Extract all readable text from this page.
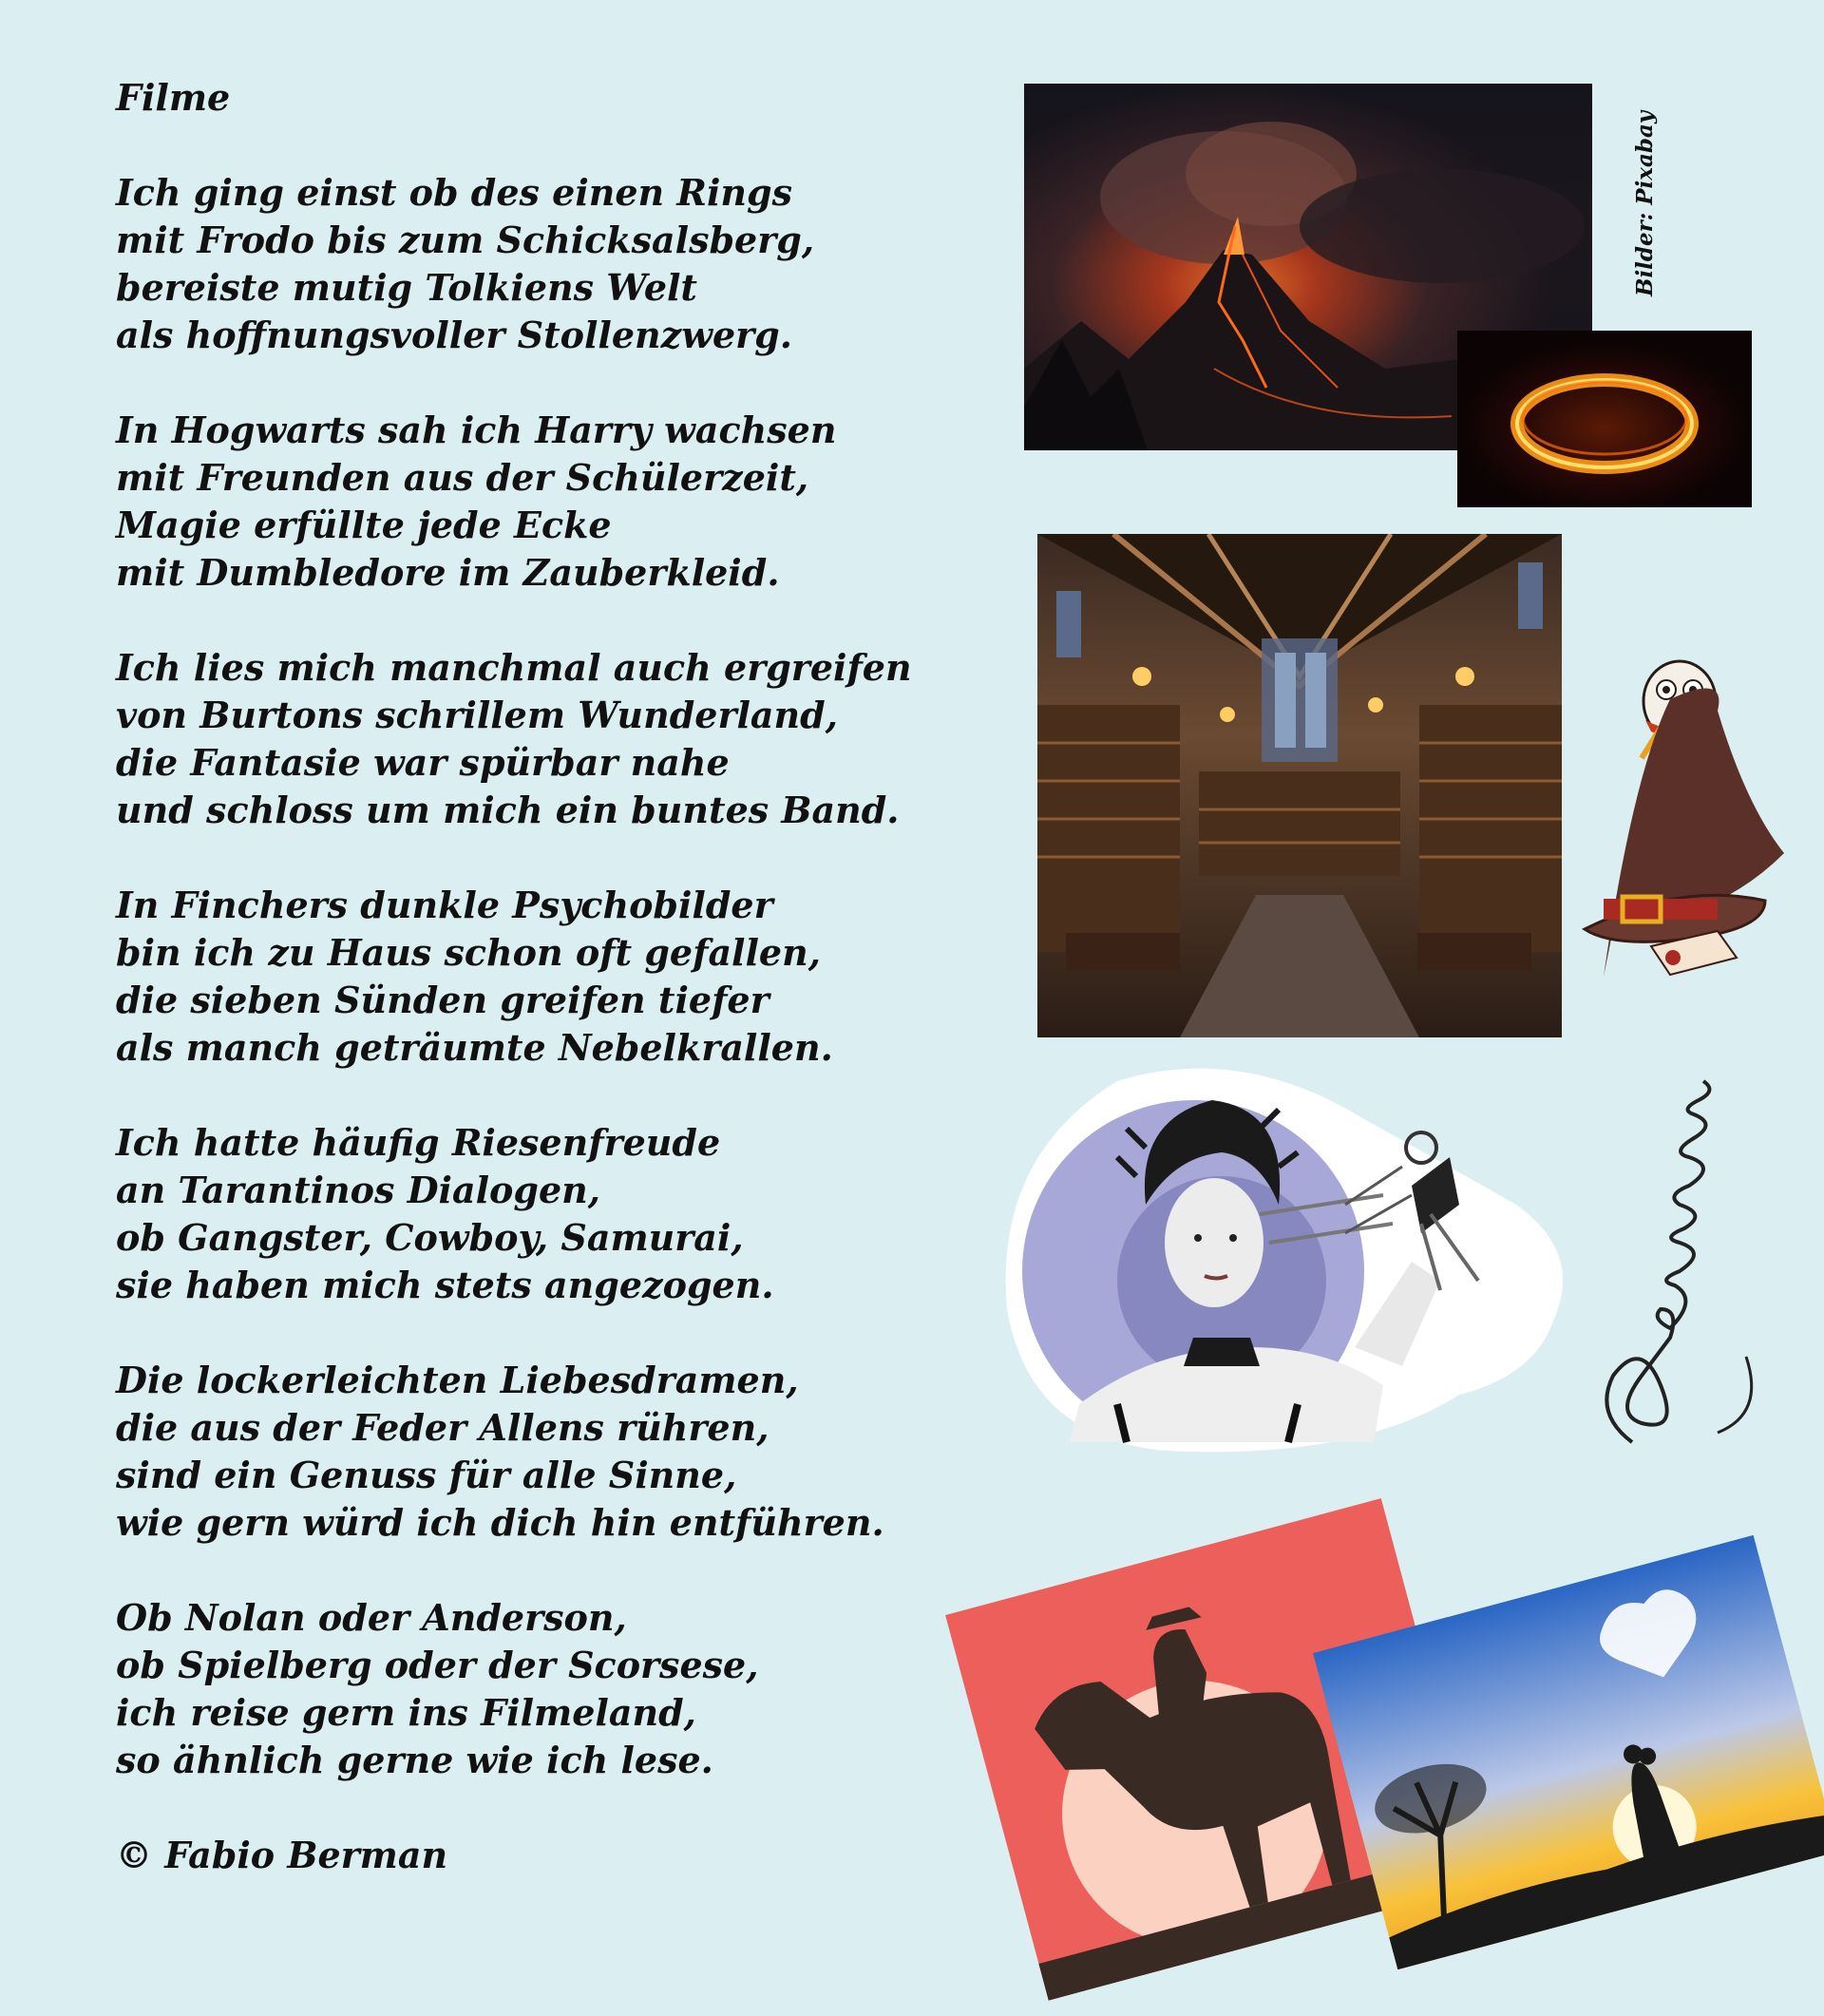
Filme
Ich ging einst ob des einen Rings
mit Frodo bis zum Schicksalsberg,
bereiste mutig Tolkiens Welt
als hoffnungsvoller Stollenzwerg.
In Hogwarts sah ich Harry wachsen
mit Freunden aus der Schülerzeit,
Magie erfüllte jede Ecke
mit Dumbledore im Zauberkleid.
Ich lies mich manchmal auch ergreifen
von Burtons schrillem Wunderland,
die Fantasie war spürbar nahe
und schloss um mich ein buntes Band.
In Finchers dunkle Psychobilder
bin ich zu Haus schon oft gefallen,
die sieben Sünden greifen tiefer
als manch geträumte Nebelkrallen.
Ich hatte häufig Riesenfreude
an Tarantinos Dialogen,
ob Gangster, Cowboy, Samurai,
sie haben mich stets angezogen.
Die lockerleichten Liebesdramen,
die aus der Feder Allens rühren,
sind ein Genuss für alle Sinne,
wie gern würd ich dich hin entführen.
Ob Nolan oder Anderson,
ob Spielberg oder der Scorsese,
ich reise gern ins Filmeland,
so ähnlich gerne wie ich lese.
© Fabio Berman
Bilder: Pixabay
